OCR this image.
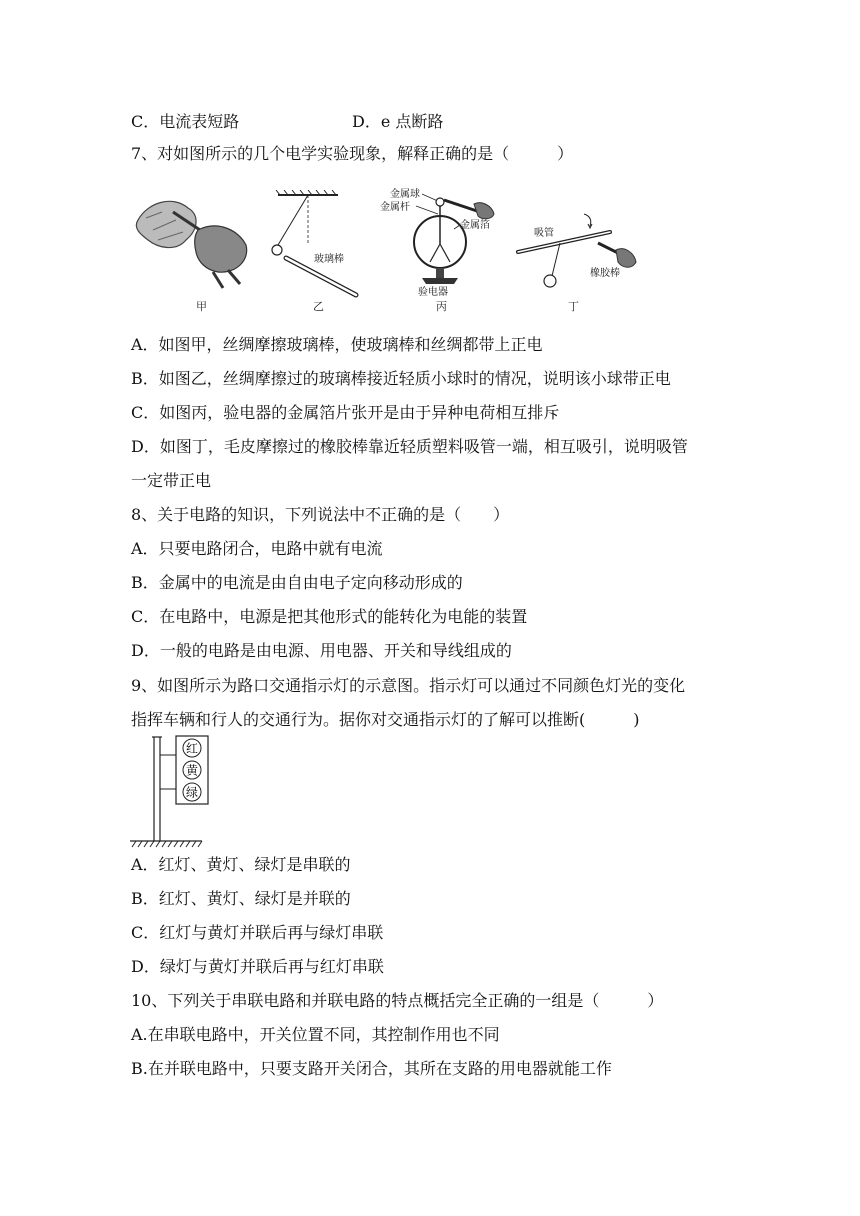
C．电流表短路	D．e 点断路
7、对如图所示的几个电学实验现象，解释正确的是（　　　）
甲
玻璃棒
乙
金属球
金属杆
金属箔
验电器
丙
吸管
橡胶棒
丁
A．如图甲，丝绸摩擦玻璃棒，使玻璃棒和丝绸都带上正电
B．如图乙，丝绸摩擦过的玻璃棒接近轻质小球时的情况，说明该小球带正电
C．如图丙，验电器的金属箔片张开是由于异种电荷相互排斥
D．如图丁，毛皮摩擦过的橡胶棒靠近轻质塑料吸管一端，相互吸引，说明吸管
一定带正电
8、关于电路的知识，下列说法中不正确的是（　　）
A．只要电路闭合，电路中就有电流
B．金属中的电流是由自由电子定向移动形成的
C．在电路中，电源是把其他形式的能转化为电能的装置
D．一般的电路是由电源、用电器、开关和导线组成的
9、如图所示为路口交通指示灯的示意图。指示灯可以通过不同颜色灯光的变化
指挥车辆和行人的交通行为。据你对交通指示灯的了解可以推断(　　　)
红
黄
绿
A．红灯、黄灯、绿灯是串联的
B．红灯、黄灯、绿灯是并联的
C．红灯与黄灯并联后再与绿灯串联
D．绿灯与黄灯并联后再与红灯串联
10、下列关于串联电路和并联电路的特点概括完全正确的一组是（　　　）
A.在串联电路中，开关位置不同，其控制作用也不同
B.在并联电路中，只要支路开关闭合，其所在支路的用电器就能工作
